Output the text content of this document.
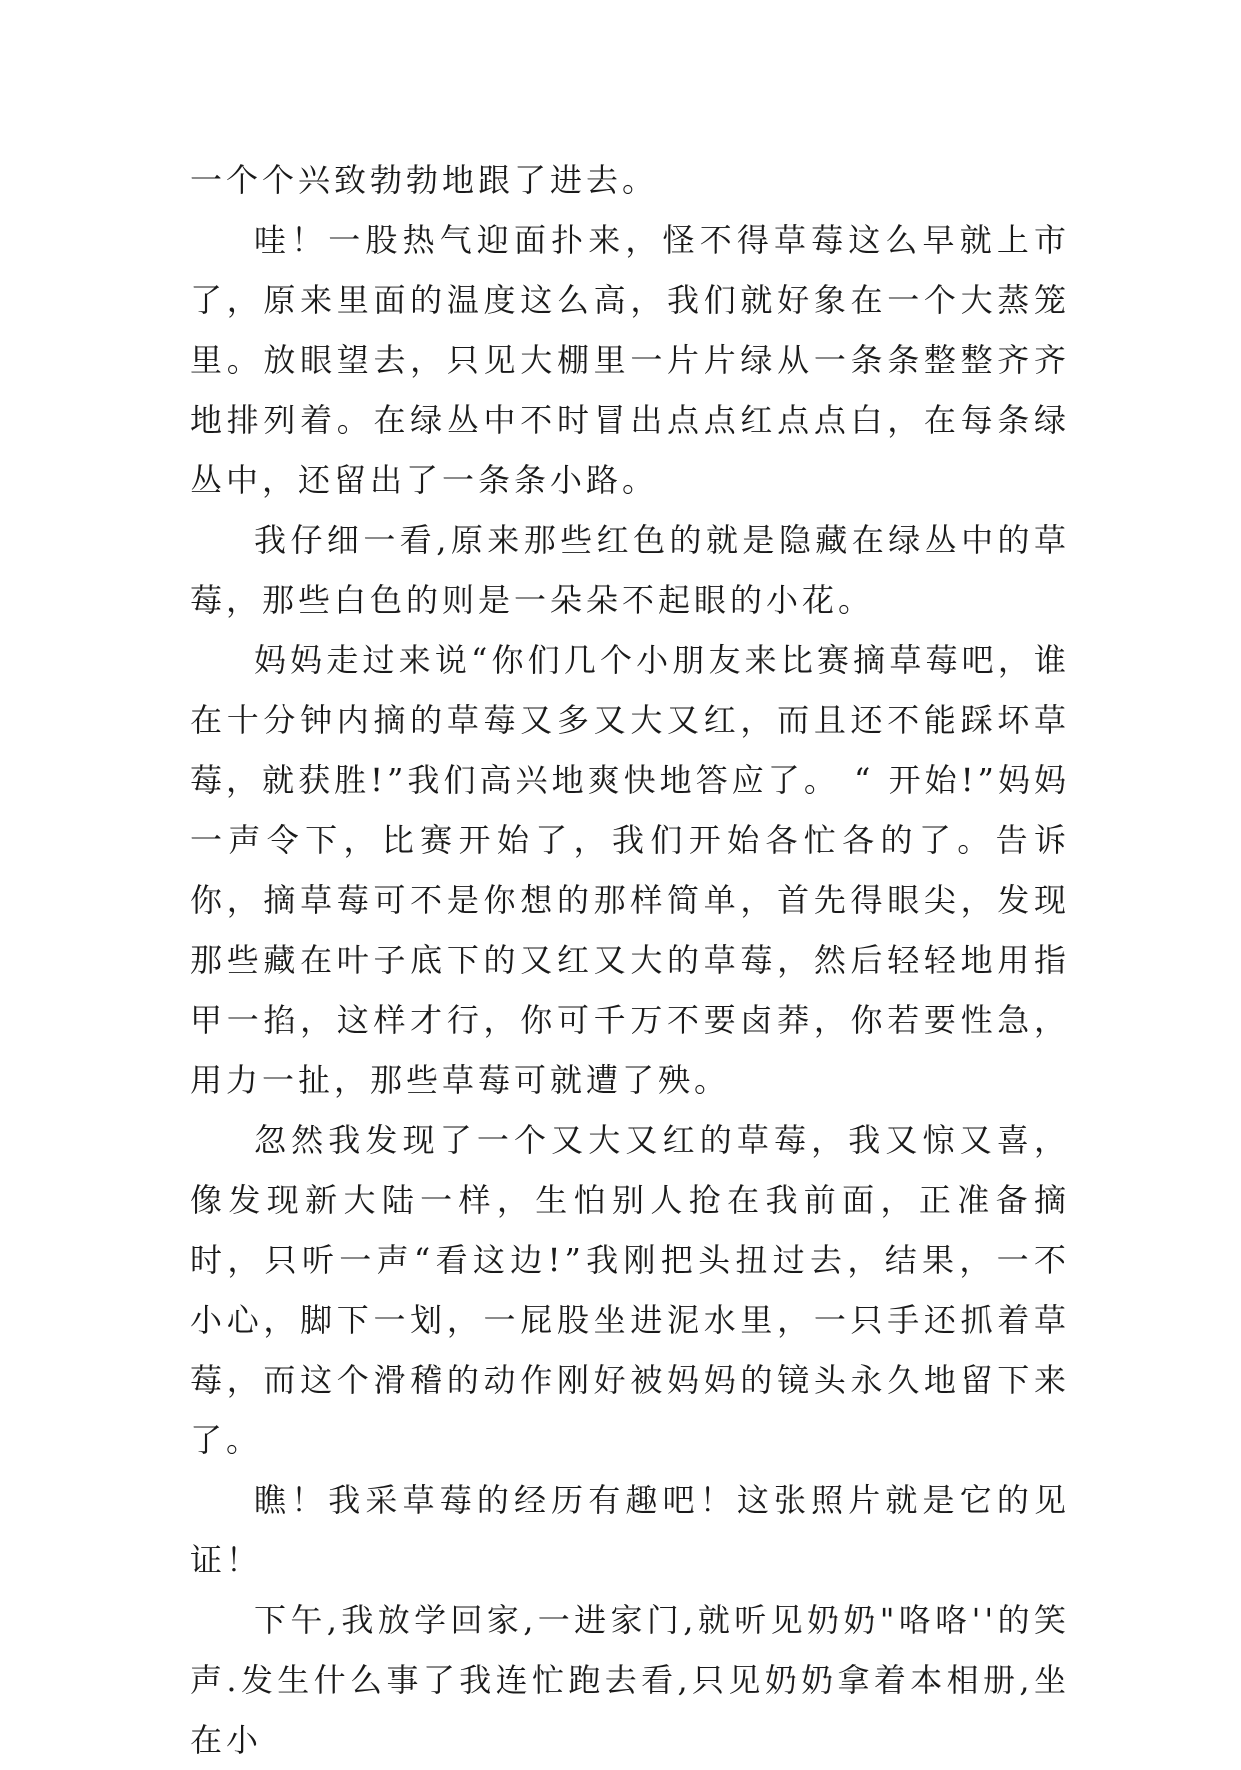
一个个兴致勃勃地跟了进去。

哇！一股热气迎面扑来，怪不得草莓这么早就上市了，原来里面的温度这么高，我们就好象在一个大蒸笼里。放眼望去，只见大棚里一片片绿从一条条整整齐齐地排列着。在绿丛中不时冒出点点红点点白，在每条绿丛中，还留出了一条条小路。

我仔细一看,原来那些红色的就是隐藏在绿丛中的草莓，那些白色的则是一朵朵不起眼的小花。

妈妈走过来说“你们几个小朋友来比赛摘草莓吧，谁在十分钟内摘的草莓又多又大又红，而且还不能踩坏草莓，就获胜!”我们高兴地爽快地答应了。 “ 开始!”妈妈一声令下，比赛开始了，我们开始各忙各的了。告诉你，摘草莓可不是你想的那样简单，首先得眼尖，发现那些藏在叶子底下的又红又大的草莓，然后轻轻地用指甲一掐，这样才行，你可千万不要卤莽，你若要性急，用力一扯，那些草莓可就遭了殃。

忽然我发现了一个又大又红的草莓，我又惊又喜，像发现新大陆一样，生怕别人抢在我前面，正准备摘时，只听一声“看这边!”我刚把头扭过去，结果，一不小心，脚下一划，一屁股坐进泥水里，一只手还抓着草莓，而这个滑稽的动作刚好被妈妈的镜头永久地留下来了。

瞧！我采草莓的经历有趣吧！这张照片就是它的见证！

下午,我放学回家,一进家门,就听见奶奶"咯咯''的笑声.发生什么事了我连忙跑去看,只见奶奶拿着本相册,坐在小
